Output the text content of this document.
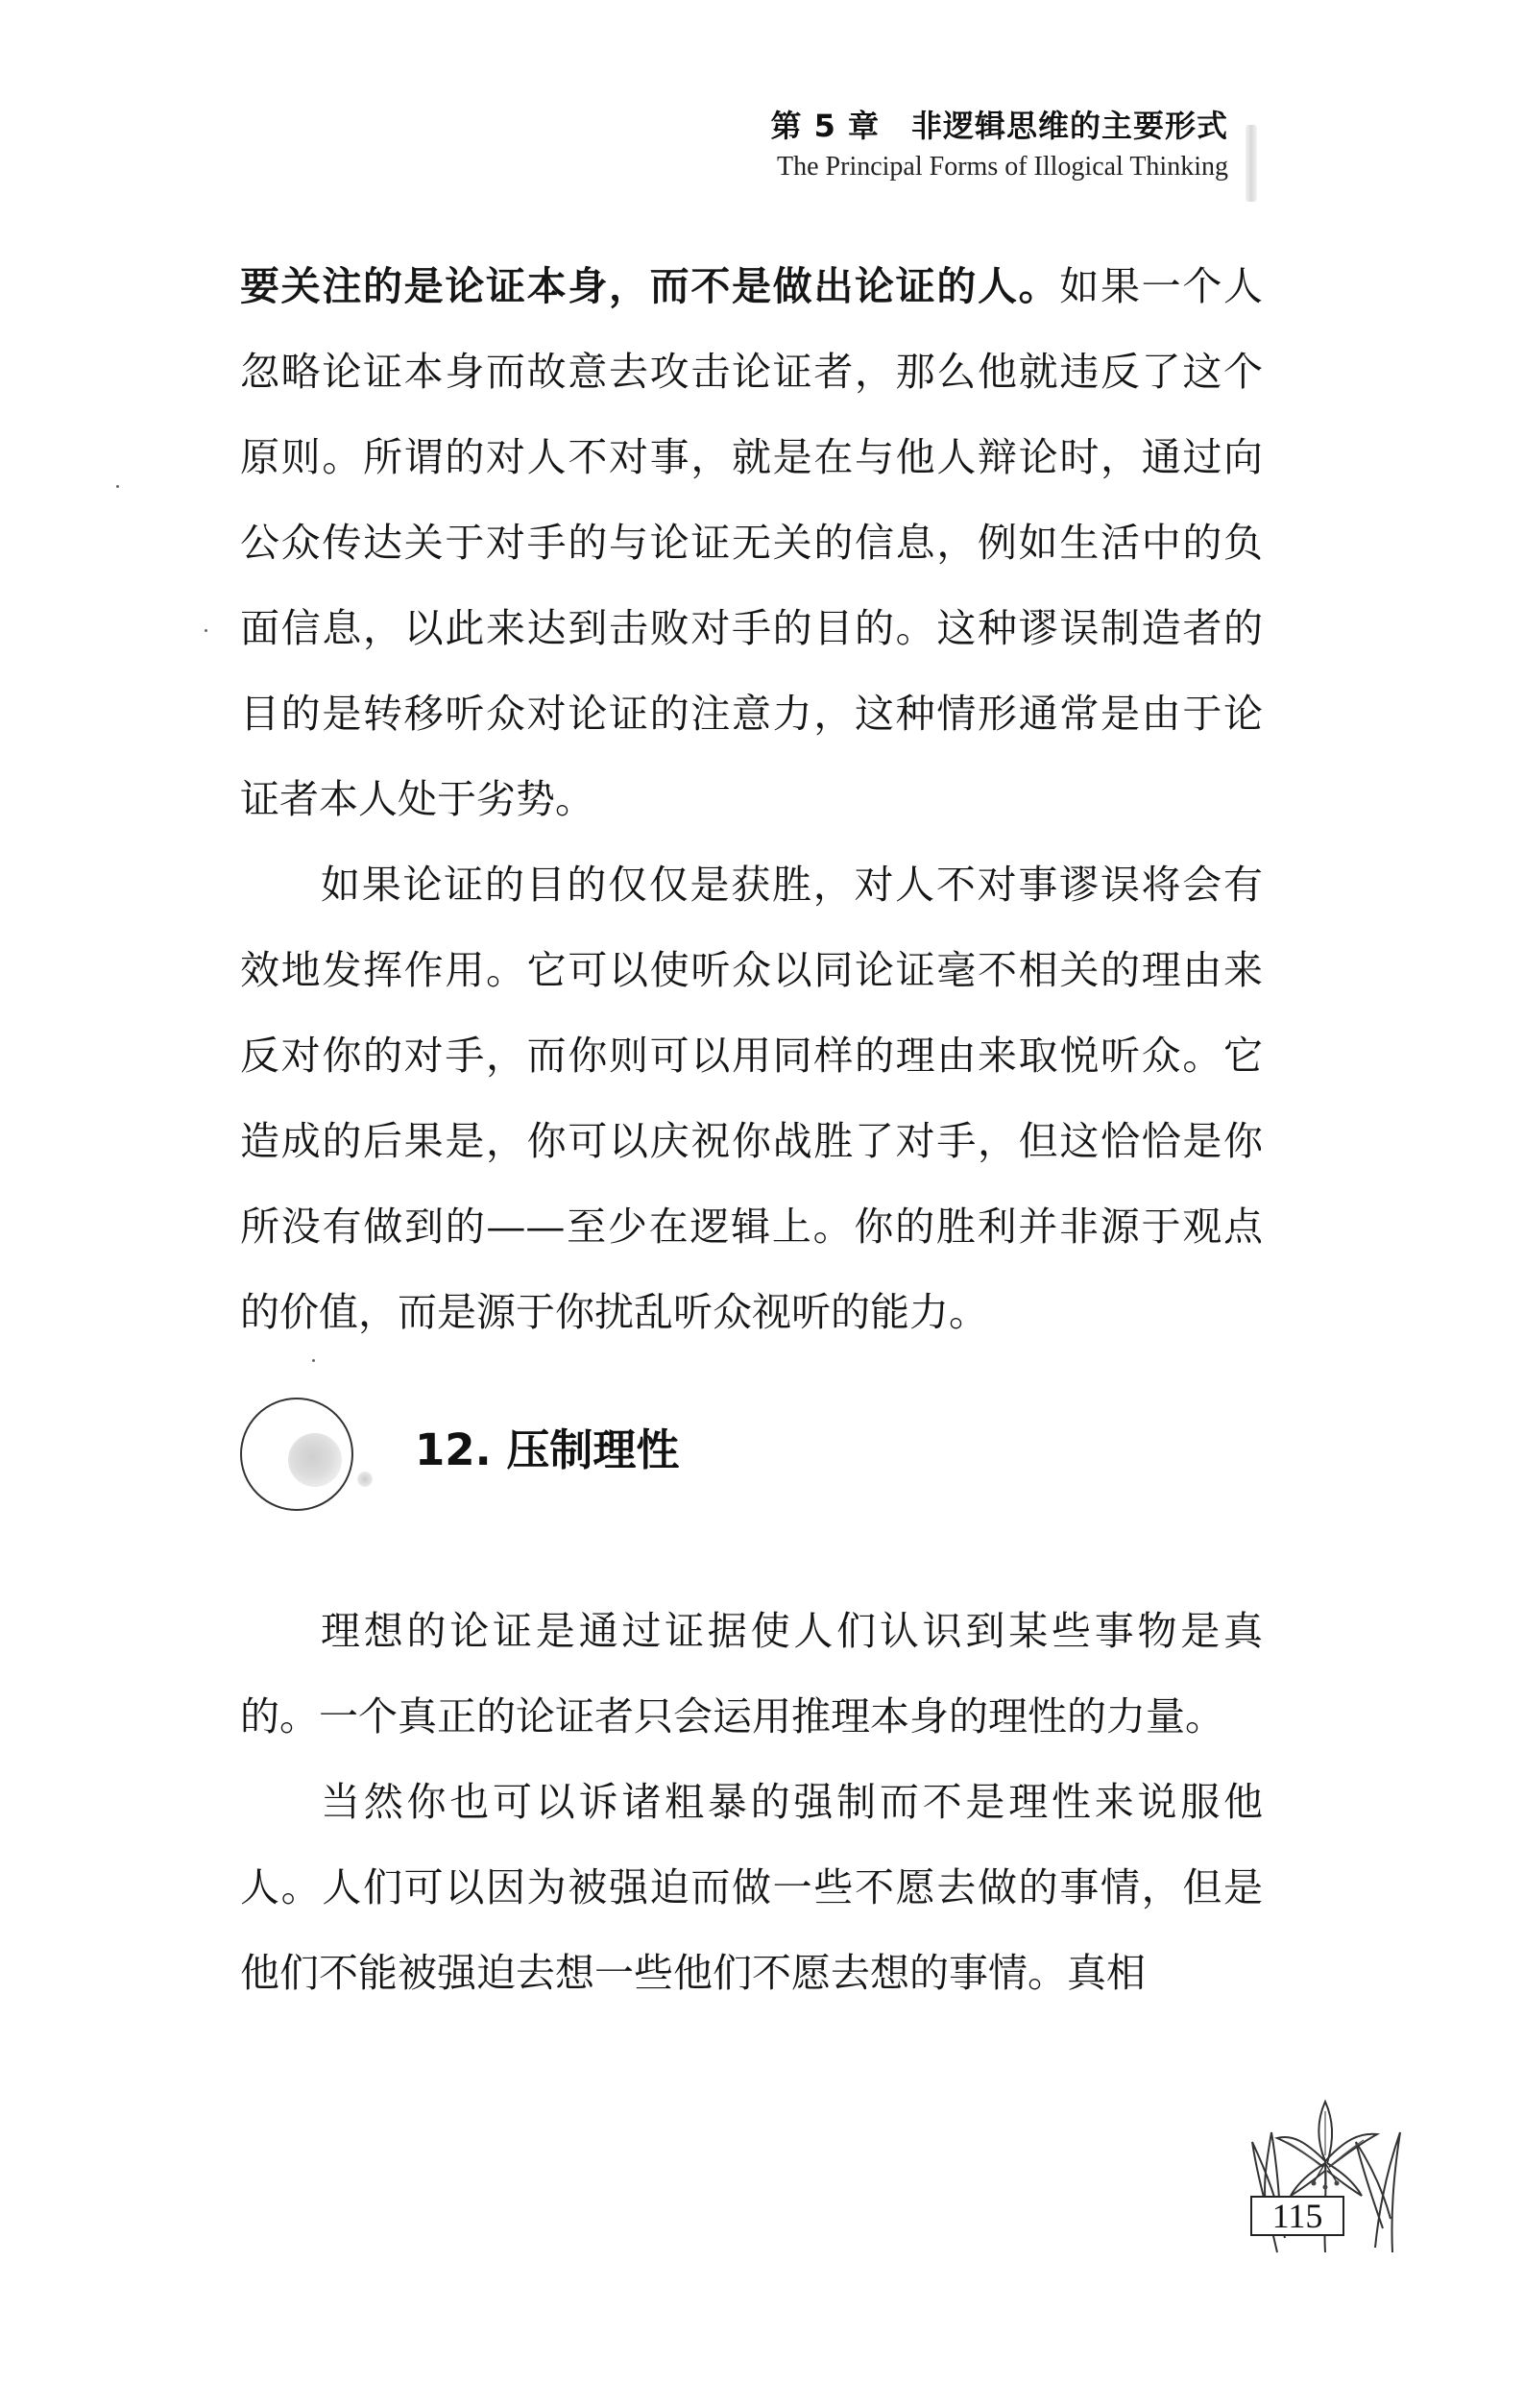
第 5 章　非逻辑思维的主要形式
The Principal Forms of Illogical Thinking

要关注的是论证本身，而不是做出论证的人。如果一个人忽略论证本身而故意去攻击论证者，那么他就违反了这个原则。所谓的对人不对事，就是在与他人辩论时，通过向公众传达关于对手的与论证无关的信息，例如生活中的负面信息，以此来达到击败对手的目的。这种谬误制造者的目的是转移听众对论证的注意力，这种情形通常是由于论证者本人处于劣势。

如果论证的目的仅仅是获胜，对人不对事谬误将会有效地发挥作用。它可以使听众以同论证毫不相关的理由来反对你的对手，而你则可以用同样的理由来取悦听众。它造成的后果是，你可以庆祝你战胜了对手，但这恰恰是你所没有做到的——至少在逻辑上。你的胜利并非源于观点的价值，而是源于你扰乱听众视听的能力。

12. 压制理性

理想的论证是通过证据使人们认识到某些事物是真的。一个真正的论证者只会运用推理本身的理性的力量。

当然你也可以诉诸粗暴的强制而不是理性来说服他人。人们可以因为被强迫而做一些不愿去做的事情，但是他们不能被强迫去想一些他们不愿去想的事情。真相

115
